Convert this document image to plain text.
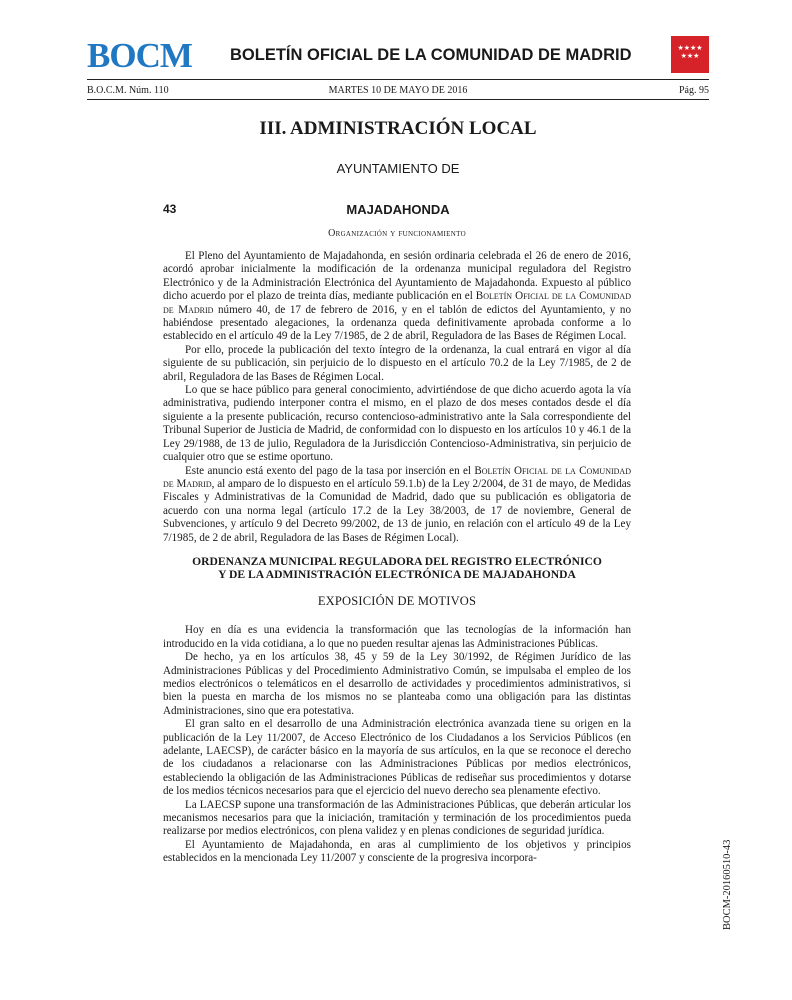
BOCM BOLETÍN OFICIAL DE LA COMUNIDAD DE MADRID	★★★★
★★★
B.O.C.M. Núm. 110	MARTES 10 DE MAYO DE 2016	Pág. 95
III. ADMINISTRACIÓN LOCAL
AYUNTAMIENTO DE
43	MAJADAHONDA
Organización y funcionamiento

El Pleno del Ayuntamiento de Majadahonda, en sesión ordinaria celebrada el 26 de enero de 2016, acordó aprobar inicialmente la modificación de la ordenanza municipal reguladora del Registro Electrónico y de la Administración Electrónica del Ayuntamiento de Majadahonda. Expuesto al público dicho acuerdo por el plazo de treinta días, mediante publicación en el Boletín Oficial de la Comunidad de Madrid número 40, de 17 de febrero de 2016, y en el tablón de edictos del Ayuntamiento, y no habiéndose presentado alegaciones, la ordenanza queda definitivamente aprobada conforme a lo establecido en el artículo 49 de la Ley 7/1985, de 2 de abril, Reguladora de las Bases de Régimen Local.

Por ello, procede la publicación del texto íntegro de la ordenanza, la cual entrará en vigor al día siguiente de su publicación, sin perjuicio de lo dispuesto en el artículo 70.2 de la Ley 7/1985, de 2 de abril, Reguladora de las Bases de Régimen Local.

Lo que se hace público para general conocimiento, advirtiéndose de que dicho acuerdo agota la vía administrativa, pudiendo interponer contra el mismo, en el plazo de dos meses contados desde el día siguiente a la presente publicación, recurso contencioso-administrativo ante la Sala correspondiente del Tribunal Superior de Justicia de Madrid, de conformidad con lo dispuesto en los artículos 10 y 46.1 de la Ley 29/1988, de 13 de julio, Reguladora de la Jurisdicción Contencioso-Administrativa, sin perjuicio de cualquier otro que se estime oportuno.

Este anuncio está exento del pago de la tasa por inserción en el Boletín Oficial de la Comunidad de Madrid, al amparo de lo dispuesto en el artículo 59.1.b) de la Ley 2/2004, de 31 de mayo, de Medidas Fiscales y Administrativas de la Comunidad de Madrid, dado que su publicación es obligatoria de acuerdo con una norma legal (artículo 17.2 de la Ley 38/2003, de 17 de noviembre, General de Subvenciones, y artículo 9 del Decreto 99/2002, de 13 de junio, en relación con el artículo 49 de la Ley 7/1985, de 2 de abril, Reguladora de las Bases de Régimen Local).

ORDENANZA MUNICIPAL REGULADORA DEL REGISTRO ELECTRÓNICO
Y DE LA ADMINISTRACIÓN ELECTRÓNICA DE MAJADAHONDA
EXPOSICIÓN DE MOTIVOS

Hoy en día es una evidencia la transformación que las tecnologías de la información han introducido en la vida cotidiana, a lo que no pueden resultar ajenas las Administraciones Públicas.

De hecho, ya en los artículos 38, 45 y 59 de la Ley 30/1992, de Régimen Jurídico de las Administraciones Públicas y del Procedimiento Administrativo Común, se impulsaba el empleo de los medios electrónicos o telemáticos en el desarrollo de actividades y procedimientos administrativos, si bien la puesta en marcha de los mismos no se planteaba como una obligación para las distintas Administraciones, sino que era potestativa.

El gran salto en el desarrollo de una Administración electrónica avanzada tiene su origen en la publicación de la Ley 11/2007, de Acceso Electrónico de los Ciudadanos a los Servicios Públicos (en adelante, LAECSP), de carácter básico en la mayoría de sus artículos, en la que se reconoce el derecho de los ciudadanos a relacionarse con las Administraciones Públicas por medios electrónicos, estableciendo la obligación de las Administraciones Públicas de rediseñar sus procedimientos y dotarse de los medios técnicos necesarios para que el ejercicio del nuevo derecho sea plenamente efectivo.

La LAECSP supone una transformación de las Administraciones Públicas, que deberán articular los mecanismos necesarios para que la iniciación, tramitación y terminación de los procedimientos pueda realizarse por medios electrónicos, con plena validez y en plenas condiciones de seguridad jurídica.

El Ayuntamiento de Majadahonda, en aras al cumplimiento de los objetivos y principios establecidos en la mencionada Ley 11/2007 y consciente de la progresiva incorpora-	BOCM-20160510-43
